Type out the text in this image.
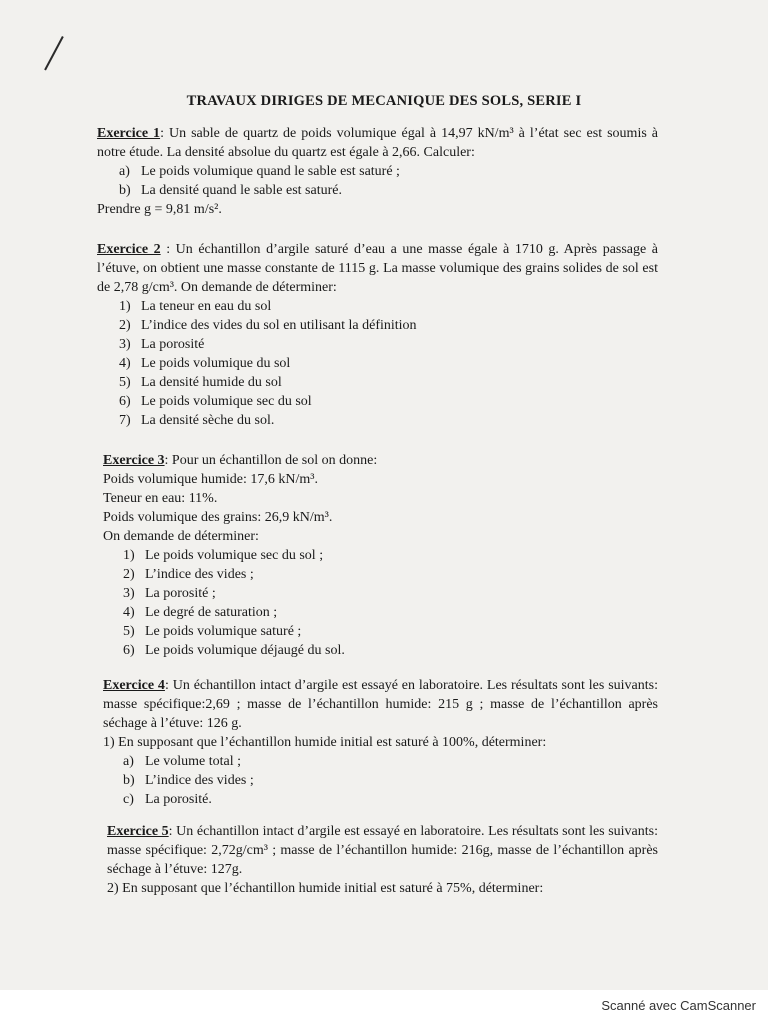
TRAVAUX DIRIGES DE MECANIQUE DES SOLS, SERIE I

Exercice 1: Un sable de quartz de poids volumique égal à 14,97 kN/m³ à l’état sec est soumis à notre étude. La densité absolue du quartz est égale à 2,66. Calculer:

a) Le poids volumique quand le sable est saturé ;
b) La densité quand le sable est saturé.

Prendre g = 9,81 m/s².

Exercice 2 : Un échantillon d’argile saturé d’eau a une masse égale à 1710 g. Après passage à l’étuve, on obtient une masse constante de 1115 g. La masse volumique des grains solides de sol est de 2,78 g/cm³. On demande de déterminer:

1) La teneur en eau du sol
2) L’indice des vides du sol en utilisant la définition
3) La porosité
4) Le poids volumique du sol
5) La densité humide du sol
6) Le poids volumique sec du sol
7) La densité sèche du sol.

Exercice 3: Pour un échantillon de sol on donne:

Poids volumique humide: 17,6 kN/m³.

Teneur en eau: 11%.

Poids volumique des grains: 26,9 kN/m³.

On demande de déterminer:

1) Le poids volumique sec du sol ;
2) L’indice des vides ;
3) La porosité ;
4) Le degré de saturation ;
5) Le poids volumique saturé ;
6) Le poids volumique déjaugé du sol.

Exercice 4: Un échantillon intact d’argile est essayé en laboratoire. Les résultats sont les suivants: masse spécifique:2,69 ; masse de l’échantillon humide: 215 g ; masse de l’échantillon après séchage à l’étuve: 126 g.

1) En supposant que l’échantillon humide initial est saturé à 100%, déterminer:

a) Le volume total ;
b) L’indice des vides ;
c) La porosité.

Exercice 5: Un échantillon intact d’argile est essayé en laboratoire. Les résultats sont les suivants: masse spécifique: 2,72g/cm³ ; masse de l’échantillon humide: 216g, masse de l’échantillon après séchage à l’étuve: 127g.

2) En supposant que l’échantillon humide initial est saturé à 75%, déterminer:

Scanné avec CamScanner
